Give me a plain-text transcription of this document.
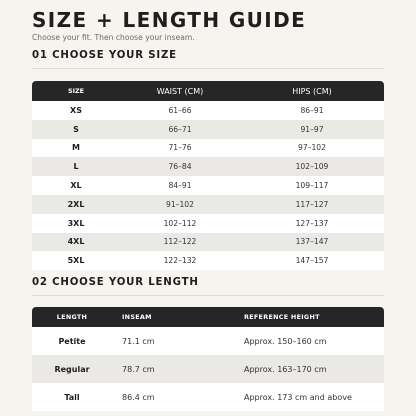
SIZE + LENGTH GUIDE
Choose your fit. Then choose your inseam.
01 CHOOSE YOUR SIZE
SIZE	WAIST (CM)	HIPS (CM)
XS	61–66	86–91
S	66–71	91–97
M	71–76	97–102
L	76–84	102–109
XL	84–91	109–117
2XL	91–102	117–127
3XL	102–112	127–137
4XL	112–122	137–147
5XL	122–132	147–157
02 CHOOSE YOUR LENGTH
LENGTH	INSEAM	REFERENCE HEIGHT
Petite	71.1 cm	Approx. 150–160 cm
Regular	78.7 cm	Approx. 163–170 cm
Tall	86.4 cm	Approx. 173 cm and above
